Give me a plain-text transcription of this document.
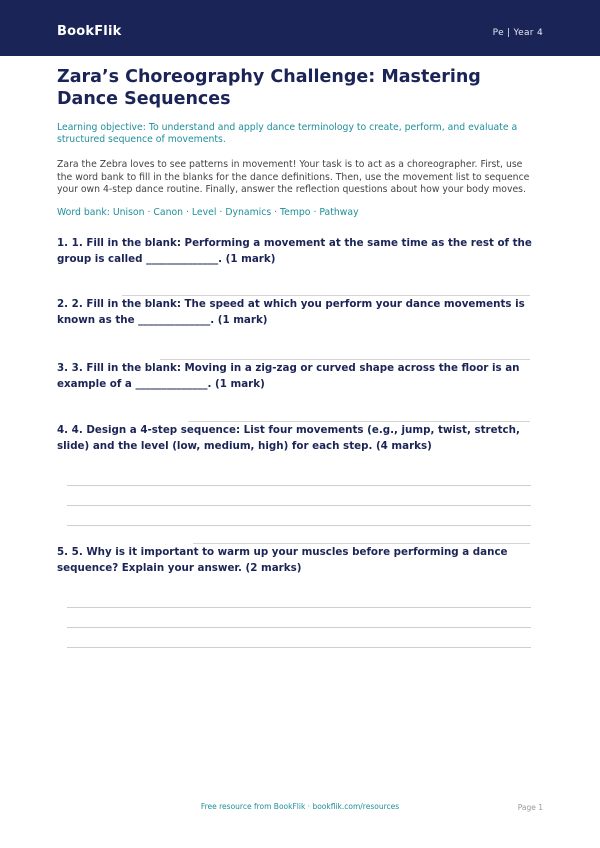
BookFlik	Pe | Year 4
Zara’s Choreography Challenge: Mastering Dance Sequences

Learning objective: To understand and apply dance terminology to create, perform, and evaluate a structured sequence of movements.

Zara the Zebra loves to see patterns in movement! Your task is to act as a choreographer. First, use the word bank to fill in the blanks for the dance definitions. Then, use the movement list to sequence your own 4-step dance routine. Finally, answer the reflection questions about how your body moves.

Word bank: Unison · Canon · Level · Dynamics · Tempo · Pathway

1. 1. Fill in the blank: Performing a movement at the same time as the rest of the group is called ______________. (1 mark)

2. 2. Fill in the blank: The speed at which you perform your dance movements is known as the ______________. (1 mark)

3. 3. Fill in the blank: Moving in a zig-zag or curved shape across the floor is an example of a ______________. (1 mark)

4. 4. Design a 4-step sequence: List four movements (e.g., jump, twist, stretch, slide) and the level (low, medium, high) for each step. (4 marks)

5. 5. Why is it important to warm up your muscles before performing a dance sequence? Explain your answer. (2 marks)

Free resource from BookFlik · bookflik.com/resources	Page 1
